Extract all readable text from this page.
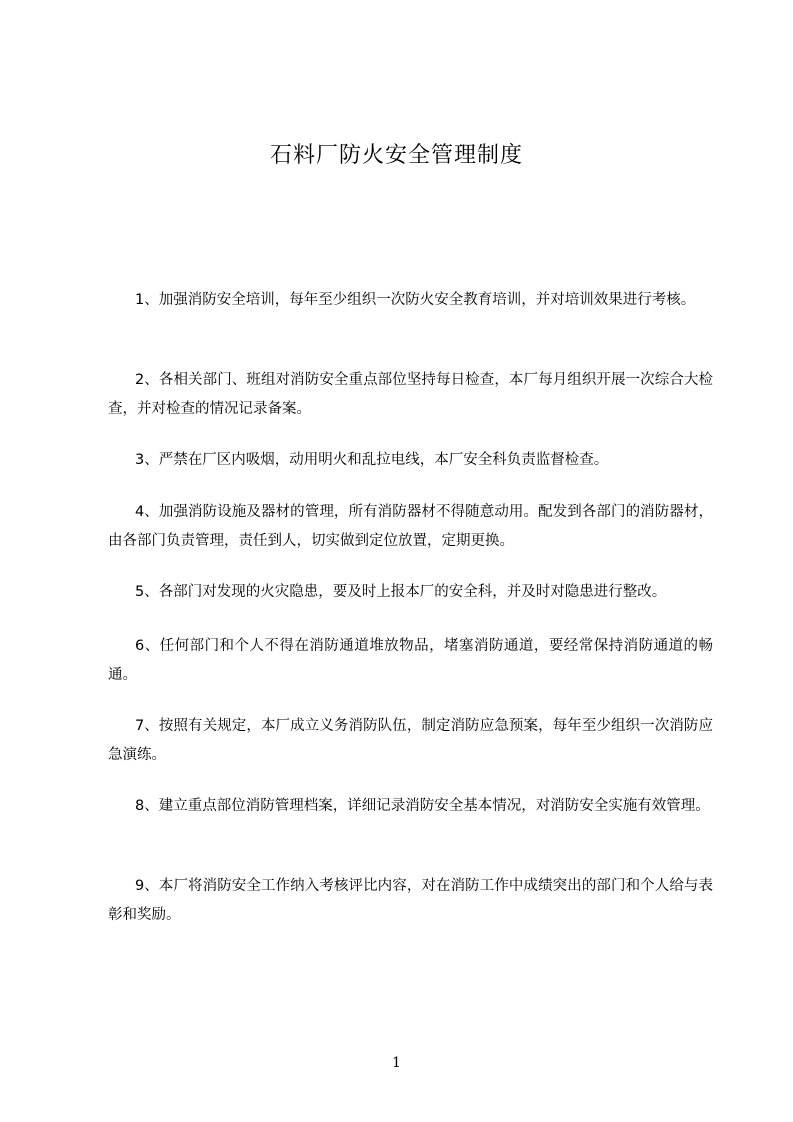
石料厂防火安全管理制度
1、加强消防安全培训，每年至少组织一次防火安全教育培训，并对培训效果进行考核。
2、各相关部门、班组对消防安全重点部位坚持每日检查，本厂每月组织开展一次综合大检查，并对检查的情况记录备案。
3、严禁在厂区内吸烟，动用明火和乱拉电线，本厂安全科负责监督检查。
4、加强消防设施及器材的管理，所有消防器材不得随意动用。配发到各部门的消防器材，由各部门负责管理，责任到人，切实做到定位放置，定期更换。
5、各部门对发现的火灾隐患，要及时上报本厂的安全科，并及时对隐患进行整改。
6、任何部门和个人不得在消防通道堆放物品，堵塞消防通道，要经常保持消防通道的畅通。
7、按照有关规定，本厂成立义务消防队伍，制定消防应急预案，每年至少组织一次消防应急演练。
8、建立重点部位消防管理档案，详细记录消防安全基本情况，对消防安全实施有效管理。
9、本厂将消防安全工作纳入考核评比内容，对在消防工作中成绩突出的部门和个人给与表彰和奖励。
1
